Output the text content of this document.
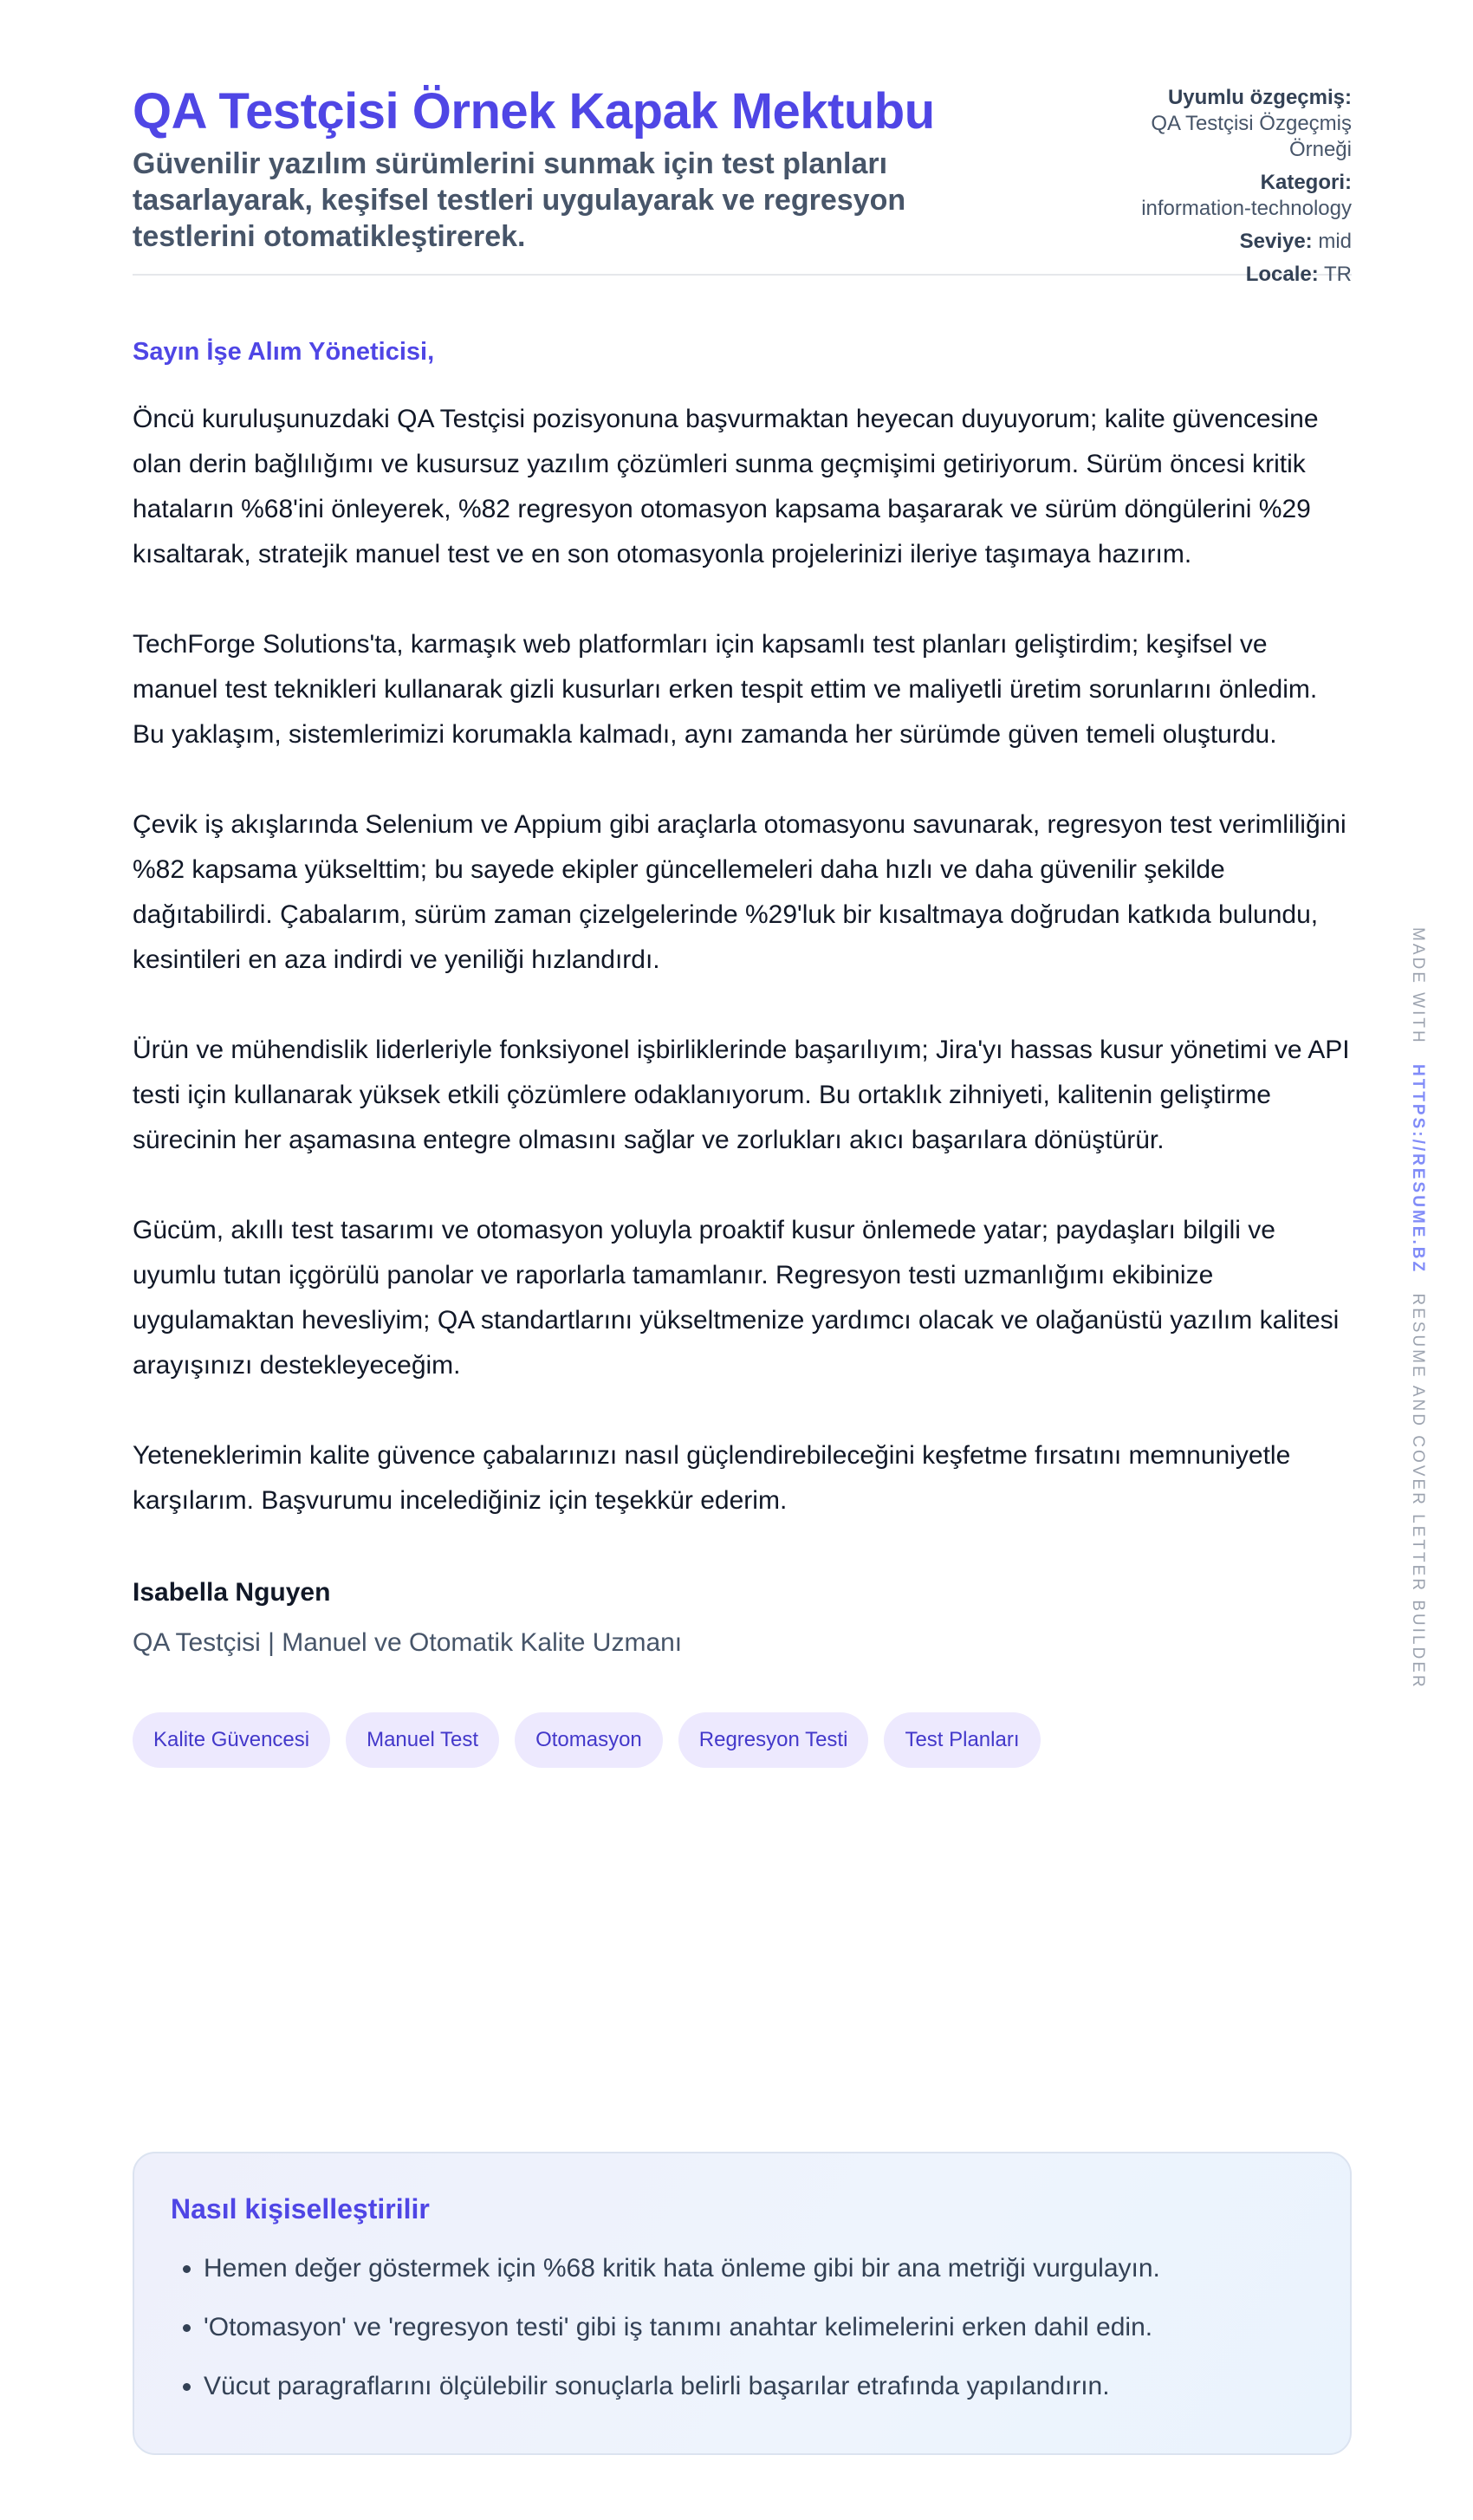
QA Testçisi Örnek Kapak Mektubu
Güvenilir yazılım sürümlerini sunmak için test planları tasarlayarak, keşifsel testleri uygulayarak ve regresyon testlerini otomatikleştirerek.
Uyumlu özgeçmiş:
QA Testçisi Özgeçmiş Örneği
Kategori:
information-technology
Seviye: mid
Locale: TR
Sayın İşe Alım Yöneticisi,

Öncü kuruluşunuzdaki QA Testçisi pozisyonuna başvurmaktan heyecan duyuyorum; kalite güvencesine olan derin bağlılığımı ve kusursuz yazılım çözümleri sunma geçmişimi getiriyorum. Sürüm öncesi kritik hataların %68'ini önleyerek, %82 regresyon otomasyon kapsama başararak ve sürüm döngülerini %29 kısaltarak, stratejik manuel test ve en son otomasyonla projelerinizi ileriye taşımaya hazırım.

TechForge Solutions'ta, karmaşık web platformları için kapsamlı test planları geliştirdim; keşifsel ve manuel test teknikleri kullanarak gizli kusurları erken tespit ettim ve maliyetli üretim sorunlarını önledim. Bu yaklaşım, sistemlerimizi korumakla kalmadı, aynı zamanda her sürümde güven temeli oluşturdu.

Çevik iş akışlarında Selenium ve Appium gibi araçlarla otomasyonu savunarak, regresyon test verimliliğini %82 kapsama yükselttim; bu sayede ekipler güncellemeleri daha hızlı ve daha güvenilir şekilde dağıtabilirdi. Çabalarım, sürüm zaman çizelgelerinde %29'luk bir kısaltmaya doğrudan katkıda bulundu, kesintileri en aza indirdi ve yeniliği hızlandırdı.

Ürün ve mühendislik liderleriyle fonksiyonel işbirliklerinde başarılıyım; Jira'yı hassas kusur yönetimi ve API testi için kullanarak yüksek etkili çözümlere odaklanıyorum. Bu ortaklık zihniyeti, kalitenin geliştirme sürecinin her aşamasına entegre olmasını sağlar ve zorlukları akıcı başarılara dönüştürür.

Gücüm, akıllı test tasarımı ve otomasyon yoluyla proaktif kusur önlemede yatar; paydaşları bilgili ve uyumlu tutan içgörülü panolar ve raporlarla tamamlanır. Regresyon testi uzmanlığımı ekibinize uygulamaktan hevesliyim; QA standartlarını yükseltmenize yardımcı olacak ve olağanüstü yazılım kalitesi arayışınızı destekleyeceğim.

Yeteneklerimin kalite güvence çabalarınızı nasıl güçlendirebileceğini keşfetme fırsatını memnuniyetle karşılarım. Başvurumu incelediğiniz için teşekkür ederim.

Isabella Nguyen
QA Testçisi | Manuel ve Otomatik Kalite Uzmanı
Kalite Güvencesi	Manuel Test	Otomasyon	Regresyon Testi	Test Planları
Nasıl kişiselleştirilir
• Hemen değer göstermek için %68 kritik hata önleme gibi bir ana metriği vurgulayın.
• 'Otomasyon' ve 'regresyon testi' gibi iş tanımı anahtar kelimelerini erken dahil edin.
• Vücut paragraflarını ölçülebilir sonuçlarla belirli başarılar etrafında yapılandırın.
MADE WITH HTTPS://RESUME.BZ RESUME AND COVER LETTER BUILDER
